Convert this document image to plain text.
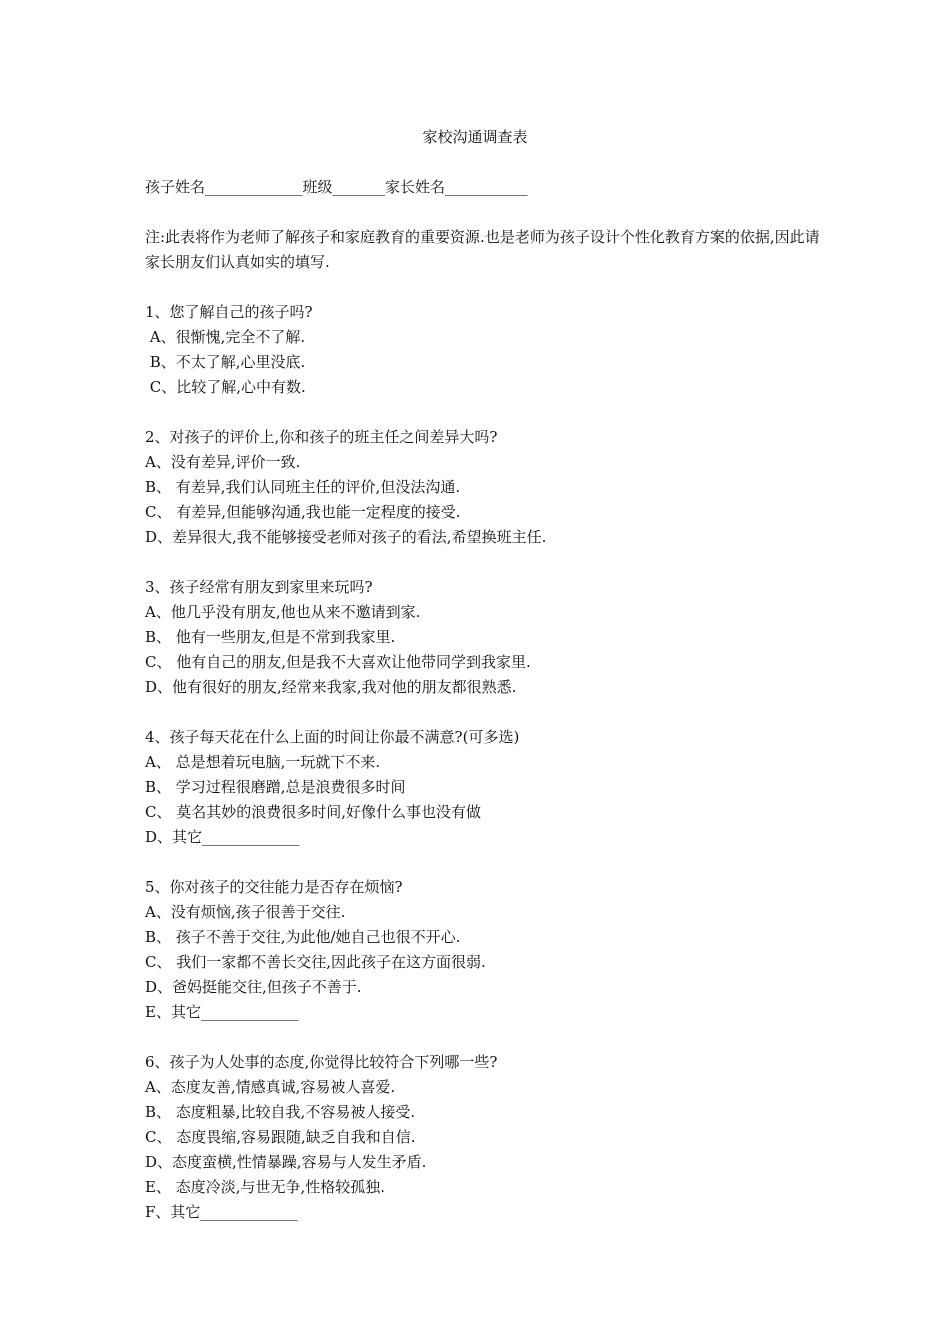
家校沟通调查表
孩子姓名_____________班级_______家长姓名___________
注:此表将作为老师了解孩子和家庭教育的重要资源.也是老师为孩子设计个性化教育方案的依据,因此请家长朋友们认真如实的填写.
1、您了解自己的孩子吗?
A、很惭愧,完全不了解.
B、不太了解,心里没底.
C、比较了解,心中有数.
2、对孩子的评价上,你和孩子的班主任之间差异大吗?
A、没有差异,评价一致.
B、 有差异,我们认同班主任的评价,但没法沟通.
C、 有差异,但能够沟通,我也能一定程度的接受.
D、差异很大,我不能够接受老师对孩子的看法,希望换班主任.
3、孩子经常有朋友到家里来玩吗?
A、他几乎没有朋友,他也从来不邀请到家.
B、 他有一些朋友,但是不常到我家里.
C、 他有自己的朋友,但是我不大喜欢让他带同学到我家里.
D、他有很好的朋友,经常来我家,我对他的朋友都很熟悉.
4、孩子每天花在什么上面的时间让你最不满意?(可多选)
A、 总是想着玩电脑,一玩就下不来.
B、 学习过程很磨蹭,总是浪费很多时间
C、 莫名其妙的浪费很多时间,好像什么事也没有做
D、其它_____________
5、你对孩子的交往能力是否存在烦恼?
A、没有烦恼,孩子很善于交往.
B、 孩子不善于交往,为此他/她自己也很不开心.
C、 我们一家都不善长交往,因此孩子在这方面很弱.
D、爸妈挺能交往,但孩子不善于.
E、其它_____________
6、孩子为人处事的态度,你觉得比较符合下列哪一些?
A、态度友善,情感真诚,容易被人喜爱.
B、 态度粗暴,比较自我,不容易被人接受.
C、 态度畏缩,容易跟随,缺乏自我和自信.
D、态度蛮横,性情暴躁,容易与人发生矛盾.
E、 态度冷淡,与世无争,性格较孤独.
F、其它_____________
